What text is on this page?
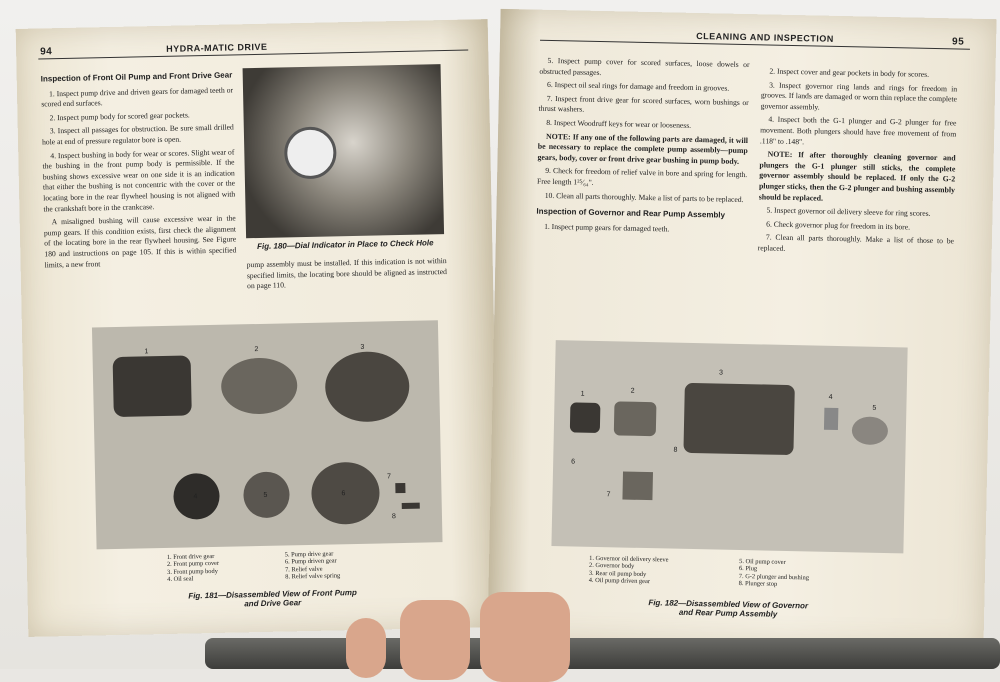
94	HYDRA-MATIC DRIVE
Inspection of Front Oil Pump and Front Drive Gear

1. Inspect pump drive and driven gears for damaged teeth or scored end surfaces.

2. Inspect pump body for scored gear pockets.

3. Inspect all passages for obstruction. Be sure small drilled hole at end of pressure regulator bore is open.

4. Inspect bushing in body for wear or scores. Slight wear of the bushing in the front pump body is permissible. If the bushing shows excessive wear on one side it is an indication that either the bushing is not concentric with the cover or the locating bore in the rear flywheel housing is not aligned with the crankshaft bore in the crankcase.

A misaligned bushing will cause excessive wear in the pump gears. If this condition exists, first check the alignment of the locating bore in the rear flywheel housing. See Figure 180 and instructions on page 105. If this is within specified limits, a new front

Fig. 180—Dial Indicator in Place to Check Hole

pump assembly must be installed. If this indication is not within specified limits, the locating bore should be aligned as instructed on page 110.

1	2	3
4	5	6
7
8
1. Front drive gear
2. Front pump cover
3. Front pump body
4. Oil seal
5. Pump drive gear
6. Pump driven gear
7. Relief valve
8. Relief valve spring
Fig. 181—Disassembled View of Front Pump
and Drive Gear
CLEANING AND INSPECTION	95

5. Inspect pump cover for scored surfaces, loose dowels or obstructed passages.

6. Inspect oil seal rings for damage and freedom in grooves.

7. Inspect front drive gear for scored surfaces, worn bushings or thrust washers.

8. Inspect Woodruff keys for wear or looseness.

NOTE: If any one of the following parts are damaged, it will be necessary to replace the complete pump assembly—pump gears, body, cover or front drive gear bushing in pump body.

9. Check for freedom of relief valve in bore and spring for length. Free length 1²⁵⁄₆₄".

10. Clean all parts thoroughly. Make a list of parts to be replaced.

Inspection of Governor and Rear Pump Assembly

1. Inspect pump gears for damaged teeth.

2. Inspect cover and gear pockets in body for scores.

3. Inspect governor ring lands and rings for freedom in grooves. If lands are damaged or worn thin replace the complete governor assembly.

4. Inspect both the G-1 plunger and G-2 plunger for free movement. Both plungers should have free movement of from .118" to .148".

NOTE: If after thoroughly cleaning governor and plungers the G-1 plunger still sticks, the complete governor assembly should be replaced. If only the G-2 plunger sticks, then the G-2 plunger and bushing assembly should be replaced.

5. Inspect governor oil delivery sleeve for ring scores.

6. Check governor plug for freedom in its bore.

7. Clean all parts thoroughly. Make a list of those to be replaced.

1	2
3
4
5
6
7
8
1. Governor oil delivery sleeve
2. Governor body
3. Rear oil pump body
4. Oil pump driven gear
5. Oil pump cover
6. Plug
7. G-2 plunger and bushing
8. Plunger stop
Fig. 182—Disassembled View of Governor
and Rear Pump Assembly
